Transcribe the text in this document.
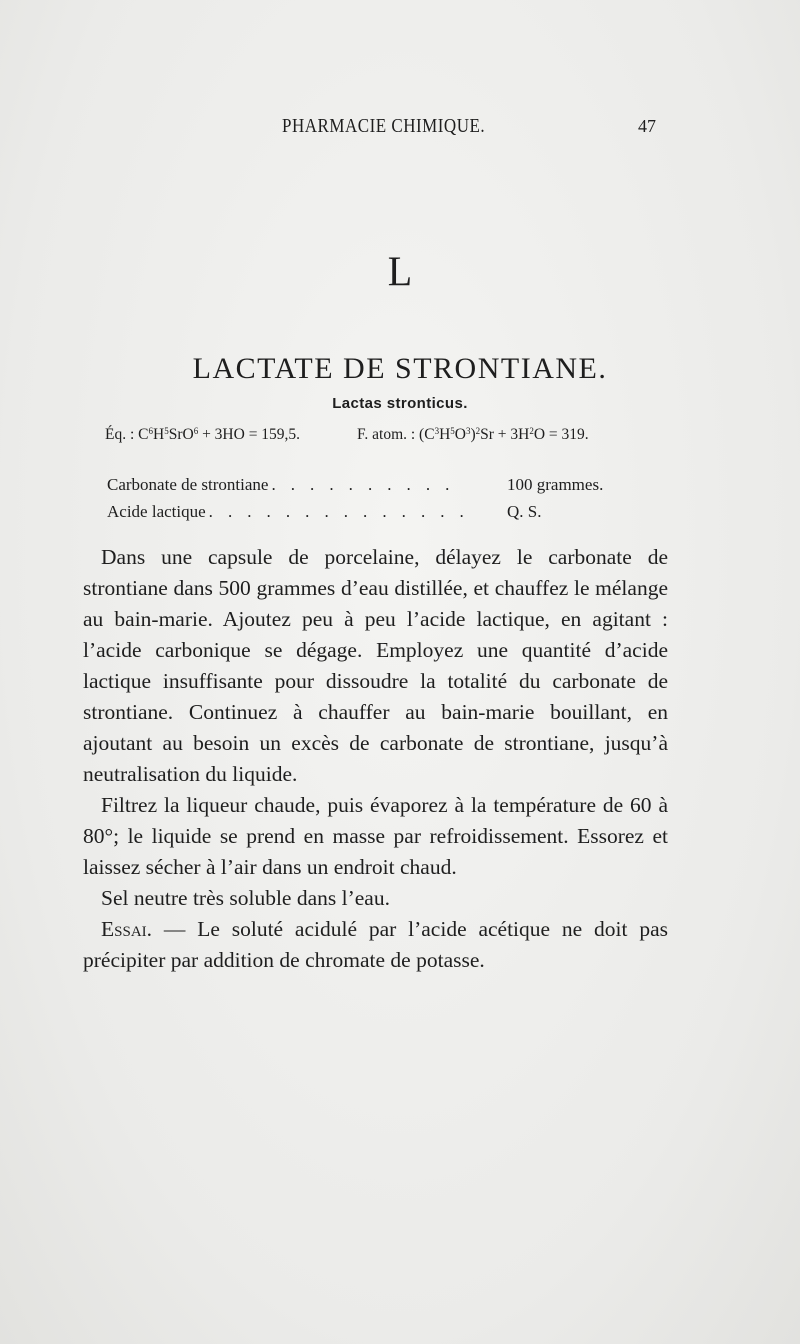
PHARMACIE CHIMIQUE.	47
L
LACTATE DE STRONTIANE.
Lactas stronticus.
Éq. : $C^6H^5SrO^6 + 3HO = 159,5$.	F. atom. : $(C^3H^5O^3)^2Sr + 3H^2O = 319$.
Carbonate de strontiane . . . . . . . . . .	100 grammes.
Acide lactique . . . . . . . . . . . . . . Q. S.

Dans une capsule de porcelaine, délayez le carbonate de strontiane dans 500 grammes d’eau distillée, et chauffez le mélange au bain-marie. Ajoutez peu à peu l’acide lactique, en agitant : l’acide carbonique se dégage. Employez une quantité d’acide lactique insuffisante pour dissoudre la totalité du carbonate de strontiane. Continuez à chauffer au bain-marie bouillant, en ajoutant au besoin un excès de carbonate de strontiane, jusqu’à neutralisation du liquide.

Filtrez la liqueur chaude, puis évaporez à la température de 60 à 80°; le liquide se prend en masse par refroidissement. Essorez et laissez sécher à l’air dans un endroit chaud.

Sel neutre très soluble dans l’eau.

Essai. — Le soluté acidulé par l’acide acétique ne doit pas précipiter par addition de chromate de potasse.
